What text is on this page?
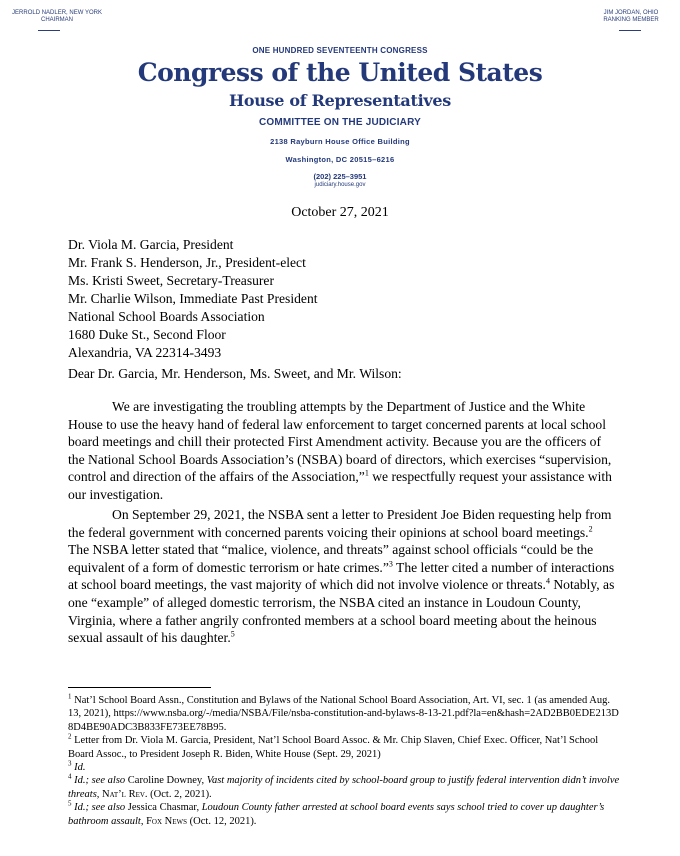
JERROLD NADLER, NEW YORK
CHAIRMAN
JIM JORDAN, OHIO
RANKING MEMBER
ONE HUNDRED SEVENTEENTH CONGRESS
Congress of the United States
House of Representatives
COMMITTEE ON THE JUDICIARY
2138 Rayburn House Office Building
Washington, DC 20515–6216
(202) 225–3951
judiciary.house.gov
October 27, 2021
Dr. Viola M. Garcia, President
Mr. Frank S. Henderson, Jr., President-elect
Ms. Kristi Sweet, Secretary-Treasurer
Mr. Charlie Wilson, Immediate Past President
National School Boards Association
1680 Duke St., Second Floor
Alexandria, VA 22314-3493
Dear Dr. Garcia, Mr. Henderson, Ms. Sweet, and Mr. Wilson:
We are investigating the troubling attempts by the Department of Justice and the White House to use the heavy hand of federal law enforcement to target concerned parents at local school board meetings and chill their protected First Amendment activity. Because you are the officers of the National School Boards Association’s (NSBA) board of directors, which exercises “supervision, control and direction of the affairs of the Association,”$^1$ we respectfully request your assistance with our investigation.
On September 29, 2021, the NSBA sent a letter to President Joe Biden requesting help from the federal government with concerned parents voicing their opinions at school board meetings.$^2$ The NSBA letter stated that “malice, violence, and threats” against school officials “could be the equivalent of a form of domestic terrorism or hate crimes.”$^3$ The letter cited a number of interactions at school board meetings, the vast majority of which did not involve violence or threats.$^4$ Notably, as one “example” of alleged domestic terrorism, the NSBA cited an instance in Loudoun County, Virginia, where a father angrily confronted members at a school board meeting about the heinous sexual assault of his daughter.$^5$

$^1$ Nat’l School Board Assn., Constitution and Bylaws of the National School Board Association, Art. VI, sec. 1 (as amended Aug. 13, 2021), https://www.nsba.org/-/media/NSBA/File/nsba-constitution-and-bylaws-8-13-21.pdf?la=en&hash=2AD2BB0EDE213D8D4BE90ADC3B833FE73EE78B95.

$^2$ Letter from Dr. Viola M. Garcia, President, Nat’l School Board Assoc. & Mr. Chip Slaven, Chief Exec. Officer, Nat’l School Board Assoc., to President Joseph R. Biden, White House (Sept. 29, 2021)

$^3$ Id.

$^4$ Id.; see also Caroline Downey, Vast majority of incidents cited by school-board group to justify federal intervention didn’t involve threats, Nat’l Rev. (Oct. 2, 2021).

$^5$ Id.; see also Jessica Chasmar, Loudoun County father arrested at school board events says school tried to cover up daughter’s bathroom assault, Fox News (Oct. 12, 2021).
